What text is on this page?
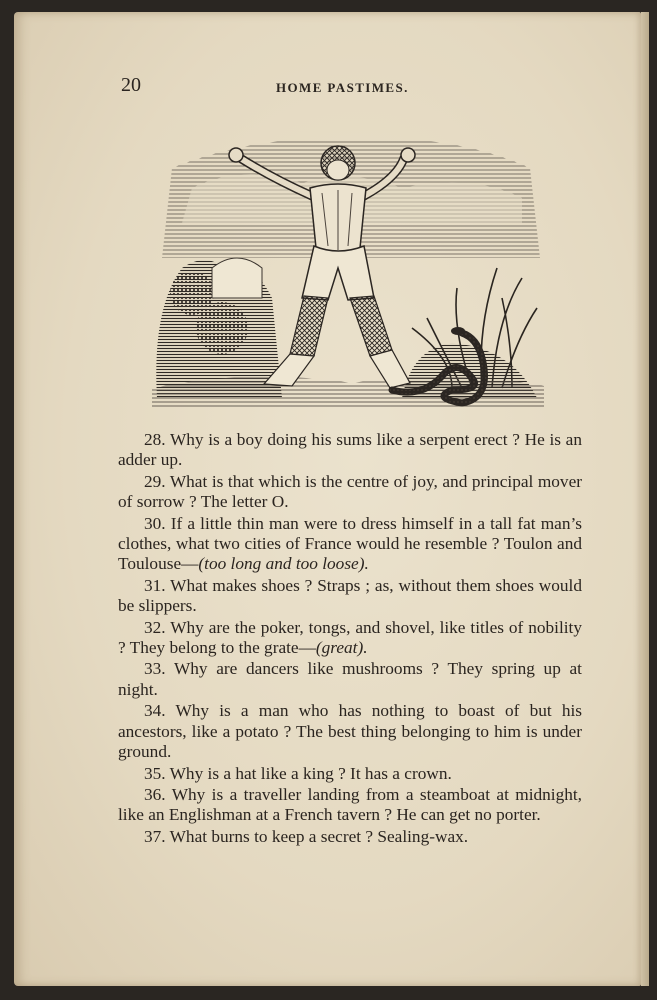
20	HOME PASTIMES.

28. Why is a boy doing his sums like a serpent erect ? He is an adder up.

29. What is that which is the centre of joy, and principal mover of sorrow ? The letter O.

30. If a little thin man were to dress himself in a tall fat man’s clothes, what two cities of France would he resemble ? Toulon and Toulouse—(too long and too loose).

31. What makes shoes ? Straps ; as, without them shoes would be slippers.

32. Why are the poker, tongs, and shovel, like titles of nobility ? They belong to the grate—(great).

33. Why are dancers like mushrooms ? They spring up at night.

34. Why is a man who has nothing to boast of but his ancestors, like a potato ? The best thing belonging to him is under ground.

35. Why is a hat like a king ? It has a crown.

36. Why is a traveller landing from a steamboat at midnight, like an Englishman at a French tavern ? He can get no porter.

37. What burns to keep a secret ? Sealing-wax.
